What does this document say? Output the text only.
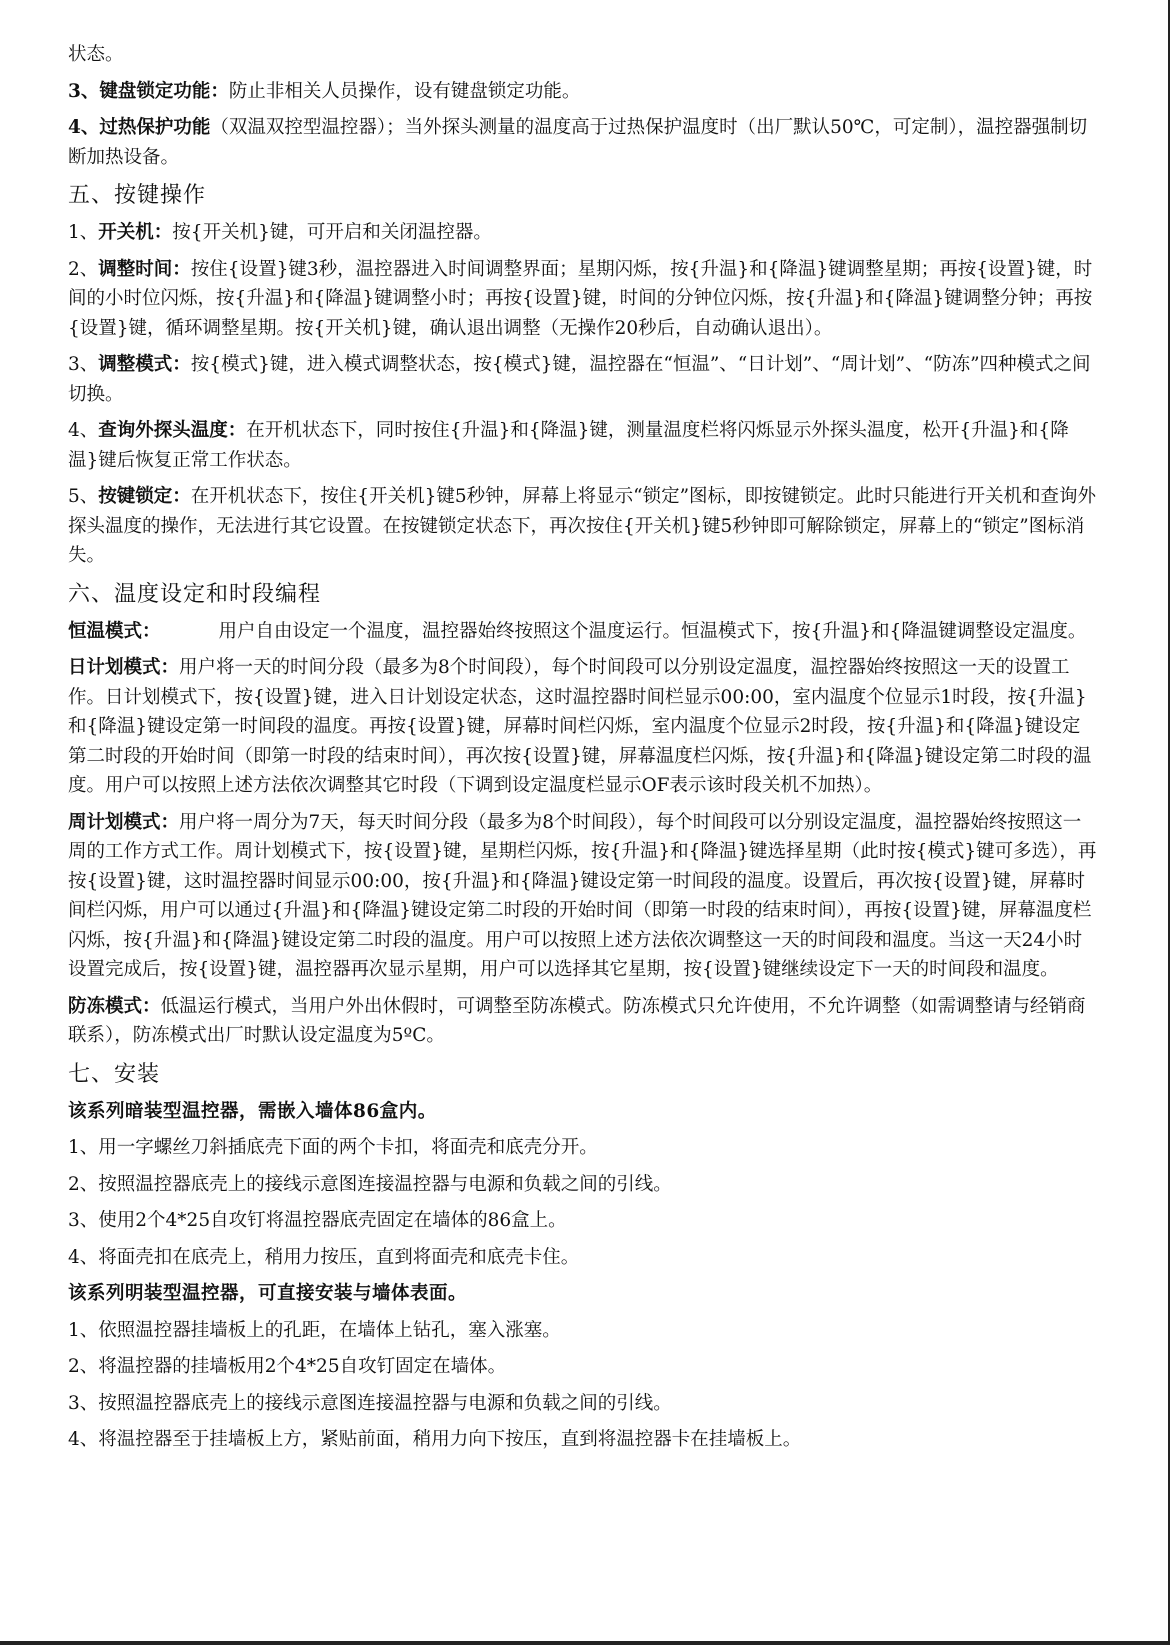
状态。

3、键盘锁定功能：防止非相关人员操作，设有键盘锁定功能。

4、过热保护功能（双温双控型温控器）；当外探头测量的温度高于过热保护温度时（出厂默认50℃，可定制），温控器强制切断加热设备。

五、按键操作

1、开关机：按{开关机}键，可开启和关闭温控器。

2、调整时间：按住{设置}键3秒，温控器进入时间调整界面；星期闪烁，按{升温}和{降温}键调整星期；再按{设置}键，时间的小时位闪烁，按{升温}和{降温}键调整小时；再按{设置}键，时间的分钟位闪烁，按{升温}和{降温}键调整分钟；再按{设置}键，循环调整星期。按{开关机}键，确认退出调整（无操作20秒后，自动确认退出）。

3、调整模式：按{模式}键，进入模式调整状态，按{模式}键，温控器在“恒温”、“日计划”、“周计划”、“防冻”四种模式之间切换。

4、查询外探头温度：在开机状态下，同时按住{升温}和{降温}键，测量温度栏将闪烁显示外探头温度，松开{升温}和{降温}键后恢复正常工作状态。

5、按键锁定：在开机状态下，按住{开关机}键5秒钟，屏幕上将显示“锁定”图标，即按键锁定。此时只能进行开关机和查询外探头温度的操作，无法进行其它设置。在按键锁定状态下，再次按住{开关机}键5秒钟即可解除锁定，屏幕上的“锁定”图标消失。

六、温度设定和时段编程

恒温模式：	用户自由设定一个温度，温控器始终按照这个温度运行。恒温模式下，按{升温}和{降温键调整设定温度。

日计划模式：用户将一天的时间分段（最多为8个时间段），每个时间段可以分别设定温度，温控器始终按照这一天的设置工作。日计划模式下，按{设置}键，进入日计划设定状态，这时温控器时间栏显示00:00，室内温度个位显示1时段，按{升温}和{降温}键设定第一时间段的温度。再按{设置}键，屏幕时间栏闪烁，室内温度个位显示2时段，按{升温}和{降温}键设定第二时段的开始时间（即第一时段的结束时间），再次按{设置}键，屏幕温度栏闪烁，按{升温}和{降温}键设定第二时段的温度。用户可以按照上述方法依次调整其它时段（下调到设定温度栏显示OF表示该时段关机不加热）。

周计划模式：用户将一周分为7天，每天时间分段（最多为8个时间段），每个时间段可以分别设定温度，温控器始终按照这一周的工作方式工作。周计划模式下，按{设置}键，星期栏闪烁，按{升温}和{降温}键选择星期（此时按{模式}键可多选），再按{设置}键，这时温控器时间显示00:00，按{升温}和{降温}键设定第一时间段的温度。设置后，再次按{设置}键，屏幕时间栏闪烁，用户可以通过{升温}和{降温}键设定第二时段的开始时间（即第一时段的结束时间），再按{设置}键，屏幕温度栏闪烁，按{升温}和{降温}键设定第二时段的温度。用户可以按照上述方法依次调整这一天的时间段和温度。当这一天24小时设置完成后，按{设置}键，温控器再次显示星期，用户可以选择其它星期，按{设置}键继续设定下一天的时间段和温度。

防冻模式：低温运行模式，当用户外出休假时，可调整至防冻模式。防冻模式只允许使用，不允许调整（如需调整请与经销商联系），防冻模式出厂时默认设定温度为5ºC。

七、安装

该系列暗装型温控器，需嵌入墙体86盒内。

1、用一字螺丝刀斜插底壳下面的两个卡扣，将面壳和底壳分开。

2、按照温控器底壳上的接线示意图连接温控器与电源和负载之间的引线。

3、使用2个4*25自攻钉将温控器底壳固定在墙体的86盒上。

4、将面壳扣在底壳上，稍用力按压，直到将面壳和底壳卡住。

该系列明装型温控器，可直接安装与墙体表面。

1、依照温控器挂墙板上的孔距，在墙体上钻孔，塞入涨塞。

2、将温控器的挂墙板用2个4*25自攻钉固定在墙体。

3、按照温控器底壳上的接线示意图连接温控器与电源和负载之间的引线。

4、将温控器至于挂墙板上方，紧贴前面，稍用力向下按压，直到将温控器卡在挂墙板上。
